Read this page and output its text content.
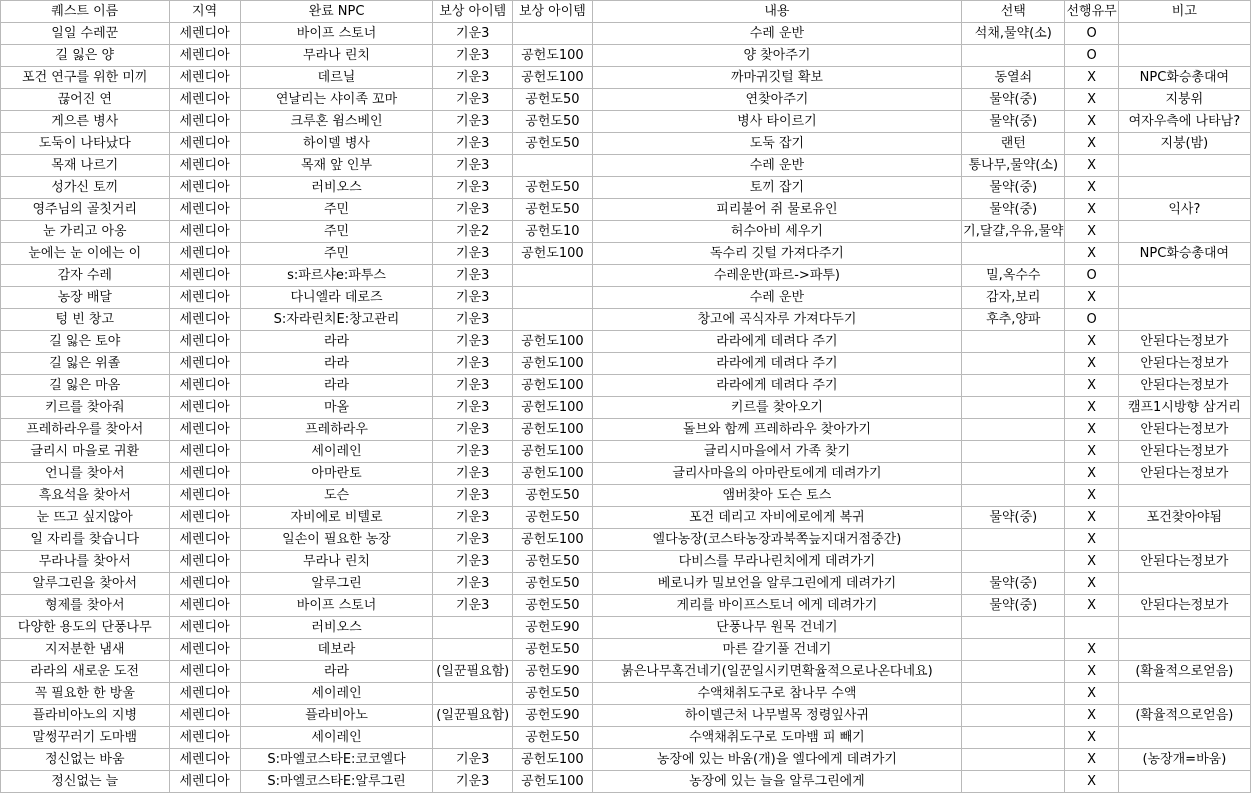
퀘스트 이름	지역	완료 NPC	보상 아이템	보상 아이템	내용	선택	선행유무	비고
일일 수레꾼	세렌디아	바이프 스토너	기운3		수레 운반	석채,물약(소)	O	
길 잃은 양	세렌디아	무라나 린치	기운3	공헌도100	양 찾아주기		O	
포건 연구를 위한 미끼	세렌디아	데르닐	기운3	공헌도100	까마귀깃털 확보	동열쇠	X	NPC화승총대여
끊어진 연	세렌디아	연날리는 샤이족 꼬마	기운3	공헌도50	연찾아주기	물약(중)	X	지붕위
게으른 병사	세렌디아	크루혼 윔스베인	기운3	공헌도50	병사 타이르기	물약(중)	X	여자우측에 나타남?
도둑이 나타났다	세렌디아	하이델 병사	기운3	공헌도50	도둑 잡기	랜턴	X	지붕(밤)
목재 나르기	세렌디아	목재 앞 인부	기운3		수레 운반	통나무,물약(소)	X	
성가신 토끼	세렌디아	러비오스	기운3	공헌도50	토끼 잡기	물약(중)	X	
영주님의 골칫거리	세렌디아	주민	기운3	공헌도50	피리불어 쥐 물로유인	물약(중)	X	익사?
눈 가리고 아옹	세렌디아	주민	기운2	공헌도10	허수아비 세우기	기,달걀,우유,물약	X	
눈에는 눈 이에는 이	세렌디아	주민	기운3	공헌도100	독수리 깃털 가져다주기		X	NPC화승총대여
감자 수레	세렌디아	s:파르샤e:파투스	기운3		수레운반(파르->파투)	밀,옥수수	O	
농장 배달	세렌디아	다니엘라 데로즈	기운3		수레 운반	감자,보리	X	
텅 빈 창고	세렌디아	S:자라린치E:창고관리	기운3		창고에 곡식자루 가져다두기	후추,양파	O	
길 잃은 토야	세렌디아	라라	기운3	공헌도100	라라에게 데려다 주기		X	안된다는정보가
길 잃은 위졸	세렌디아	라라	기운3	공헌도100	라라에게 데려다 주기		X	안된다는정보가
길 잃은 마옴	세렌디아	라라	기운3	공헌도100	라라에게 데려다 주기		X	안된다는정보가
키르를 찾아줘	세렌디아	마올	기운3	공헌도100	키르를 찾아오기		X	캠프1시방향 삼거리
프레하라우를 찾아서	세렌디아	프레하라우	기운3	공헌도100	돌브와 함께 프레하라우 찾아가기		X	안된다는정보가
글리시 마을로 귀환	세렌디아	세이레인	기운3	공헌도100	글리시마을에서 가족 찾기		X	안된다는정보가
언니를 찾아서	세렌디아	아마란토	기운3	공헌도100	글리사마을의 아마란토에게 데려가기		X	안된다는정보가
흑요석을 찾아서	세렌디아	도슨	기운3	공헌도50	앰버찾아 도슨 토스		X	
눈 뜨고 싶지않아	세렌디아	자비에로 비텔로	기운3	공헌도50	포건 데리고 자비에로에게 복귀	물약(중)	X	포건찾아야됨
일 자리를 찾습니다	세렌디아	일손이 필요한 농장	기운3	공헌도100	엘다농장(코스타농장과북쪽늪지대거점중간)		X	
무라나를 찾아서	세렌디아	무라나 린치	기운3	공헌도50	다비스를 무라나린치에게 데려가기		X	안된다는정보가
알루그린을 찾아서	세렌디아	알루그린	기운3	공헌도50	베로니카 밀보언을 알루그린에게 데려가기	물약(중)	X	
형제를 찾아서	세렌디아	바이프 스토너	기운3	공헌도50	게리를 바이프스토너 에게 데려가기	물약(중)	X	안된다는정보가
다양한 용도의 단풍나무	세렌디아	러비오스		공헌도90	단풍나무 원목 건네기			
지저분한 냄새	세렌디아	데보라		공헌도50	마른 갈기풀 건네기		X	
라라의 새로운 도전	세렌디아	라라	(일꾼필요함)	공헌도90	붉은나무혹건네기(일꾼일시키면확율적으로나온다네요)		X	(확율적으로얻음)
꼭 필요한 한 방울	세렌디아	세이레인		공헌도50	수액채취도구로 참나무 수액		X	
플라비아노의 지병	세렌디아	플라비아노	(일꾼필요함)	공헌도90	하이델근처 나무벌목 정령잎사귀		X	(확율적으로얻음)
말썽꾸러기 도마뱀	세렌디아	세이레인		공헌도50	수액채취도구로 도마뱀 피 빼기		X	
정신없는 바움	세렌디아	S:마엘코스타E:코코엘다	기운3	공헌도100	농장에 있는 바움(개)을 엘다에게 데려가기		X	(농장개=바움)
정신없는 늘	세렌디아	S:마엘코스타E:알루그린	기운3	공헌도100	농장에 있는 늘을 알루그린에게		X	
